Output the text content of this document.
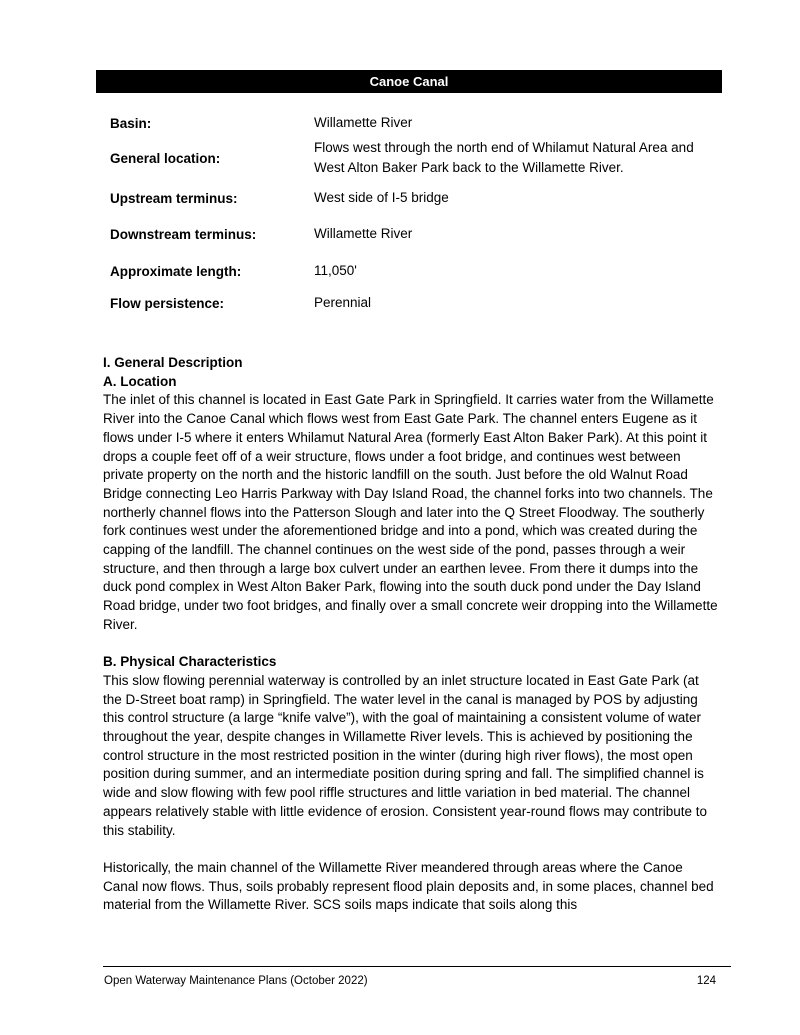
Canoe Canal
Basin:	Willamette River
General location:
Flows west through the north end of Whilamut Natural Area and West Alton Baker Park back to the Willamette River.
Upstream terminus:	West side of I-5 bridge
Downstream terminus:	Willamette River
Approximate length:	11,050'
Flow persistence:	Perennial

I. General Description

A. Location

The inlet of this channel is located in East Gate Park in Springfield. It carries water from the Willamette River into the Canoe Canal which flows west from East Gate Park. The channel enters Eugene as it flows under I-5 where it enters Whilamut Natural Area (formerly East Alton Baker Park). At this point it drops a couple feet off of a weir structure, flows under a foot bridge, and continues west between private property on the north and the historic landfill on the south. Just before the old Walnut Road Bridge connecting Leo Harris Parkway with Day Island Road, the channel forks into two channels. The northerly channel flows into the Patterson Slough and later into the Q Street Floodway. The southerly fork continues west under the aforementioned bridge and into a pond, which was created during the capping of the landfill. The channel continues on the west side of the pond, passes through a weir structure, and then through a large box culvert under an earthen levee. From there it dumps into the duck pond complex in West Alton Baker Park, flowing into the south duck pond under the Day Island Road bridge, under two foot bridges, and finally over a small concrete weir dropping into the Willamette River.

B. Physical Characteristics

This slow flowing perennial waterway is controlled by an inlet structure located in East Gate Park (at the D-Street boat ramp) in Springfield. The water level in the canal is managed by POS by adjusting this control structure (a large “knife valve”), with the goal of maintaining a consistent volume of water throughout the year, despite changes in Willamette River levels. This is achieved by positioning the control structure in the most restricted position in the winter (during high river flows), the most open position during summer, and an intermediate position during spring and fall. The simplified channel is wide and slow flowing with few pool riffle structures and little variation in bed material. The channel appears relatively stable with little evidence of erosion. Consistent year-round flows may contribute to this stability.

Historically, the main channel of the Willamette River meandered through areas where the Canoe Canal now flows. Thus, soils probably represent flood plain deposits and, in some places, channel bed material from the Willamette River. SCS soils maps indicate that soils along this

Open Waterway Maintenance Plans (October 2022)	124
